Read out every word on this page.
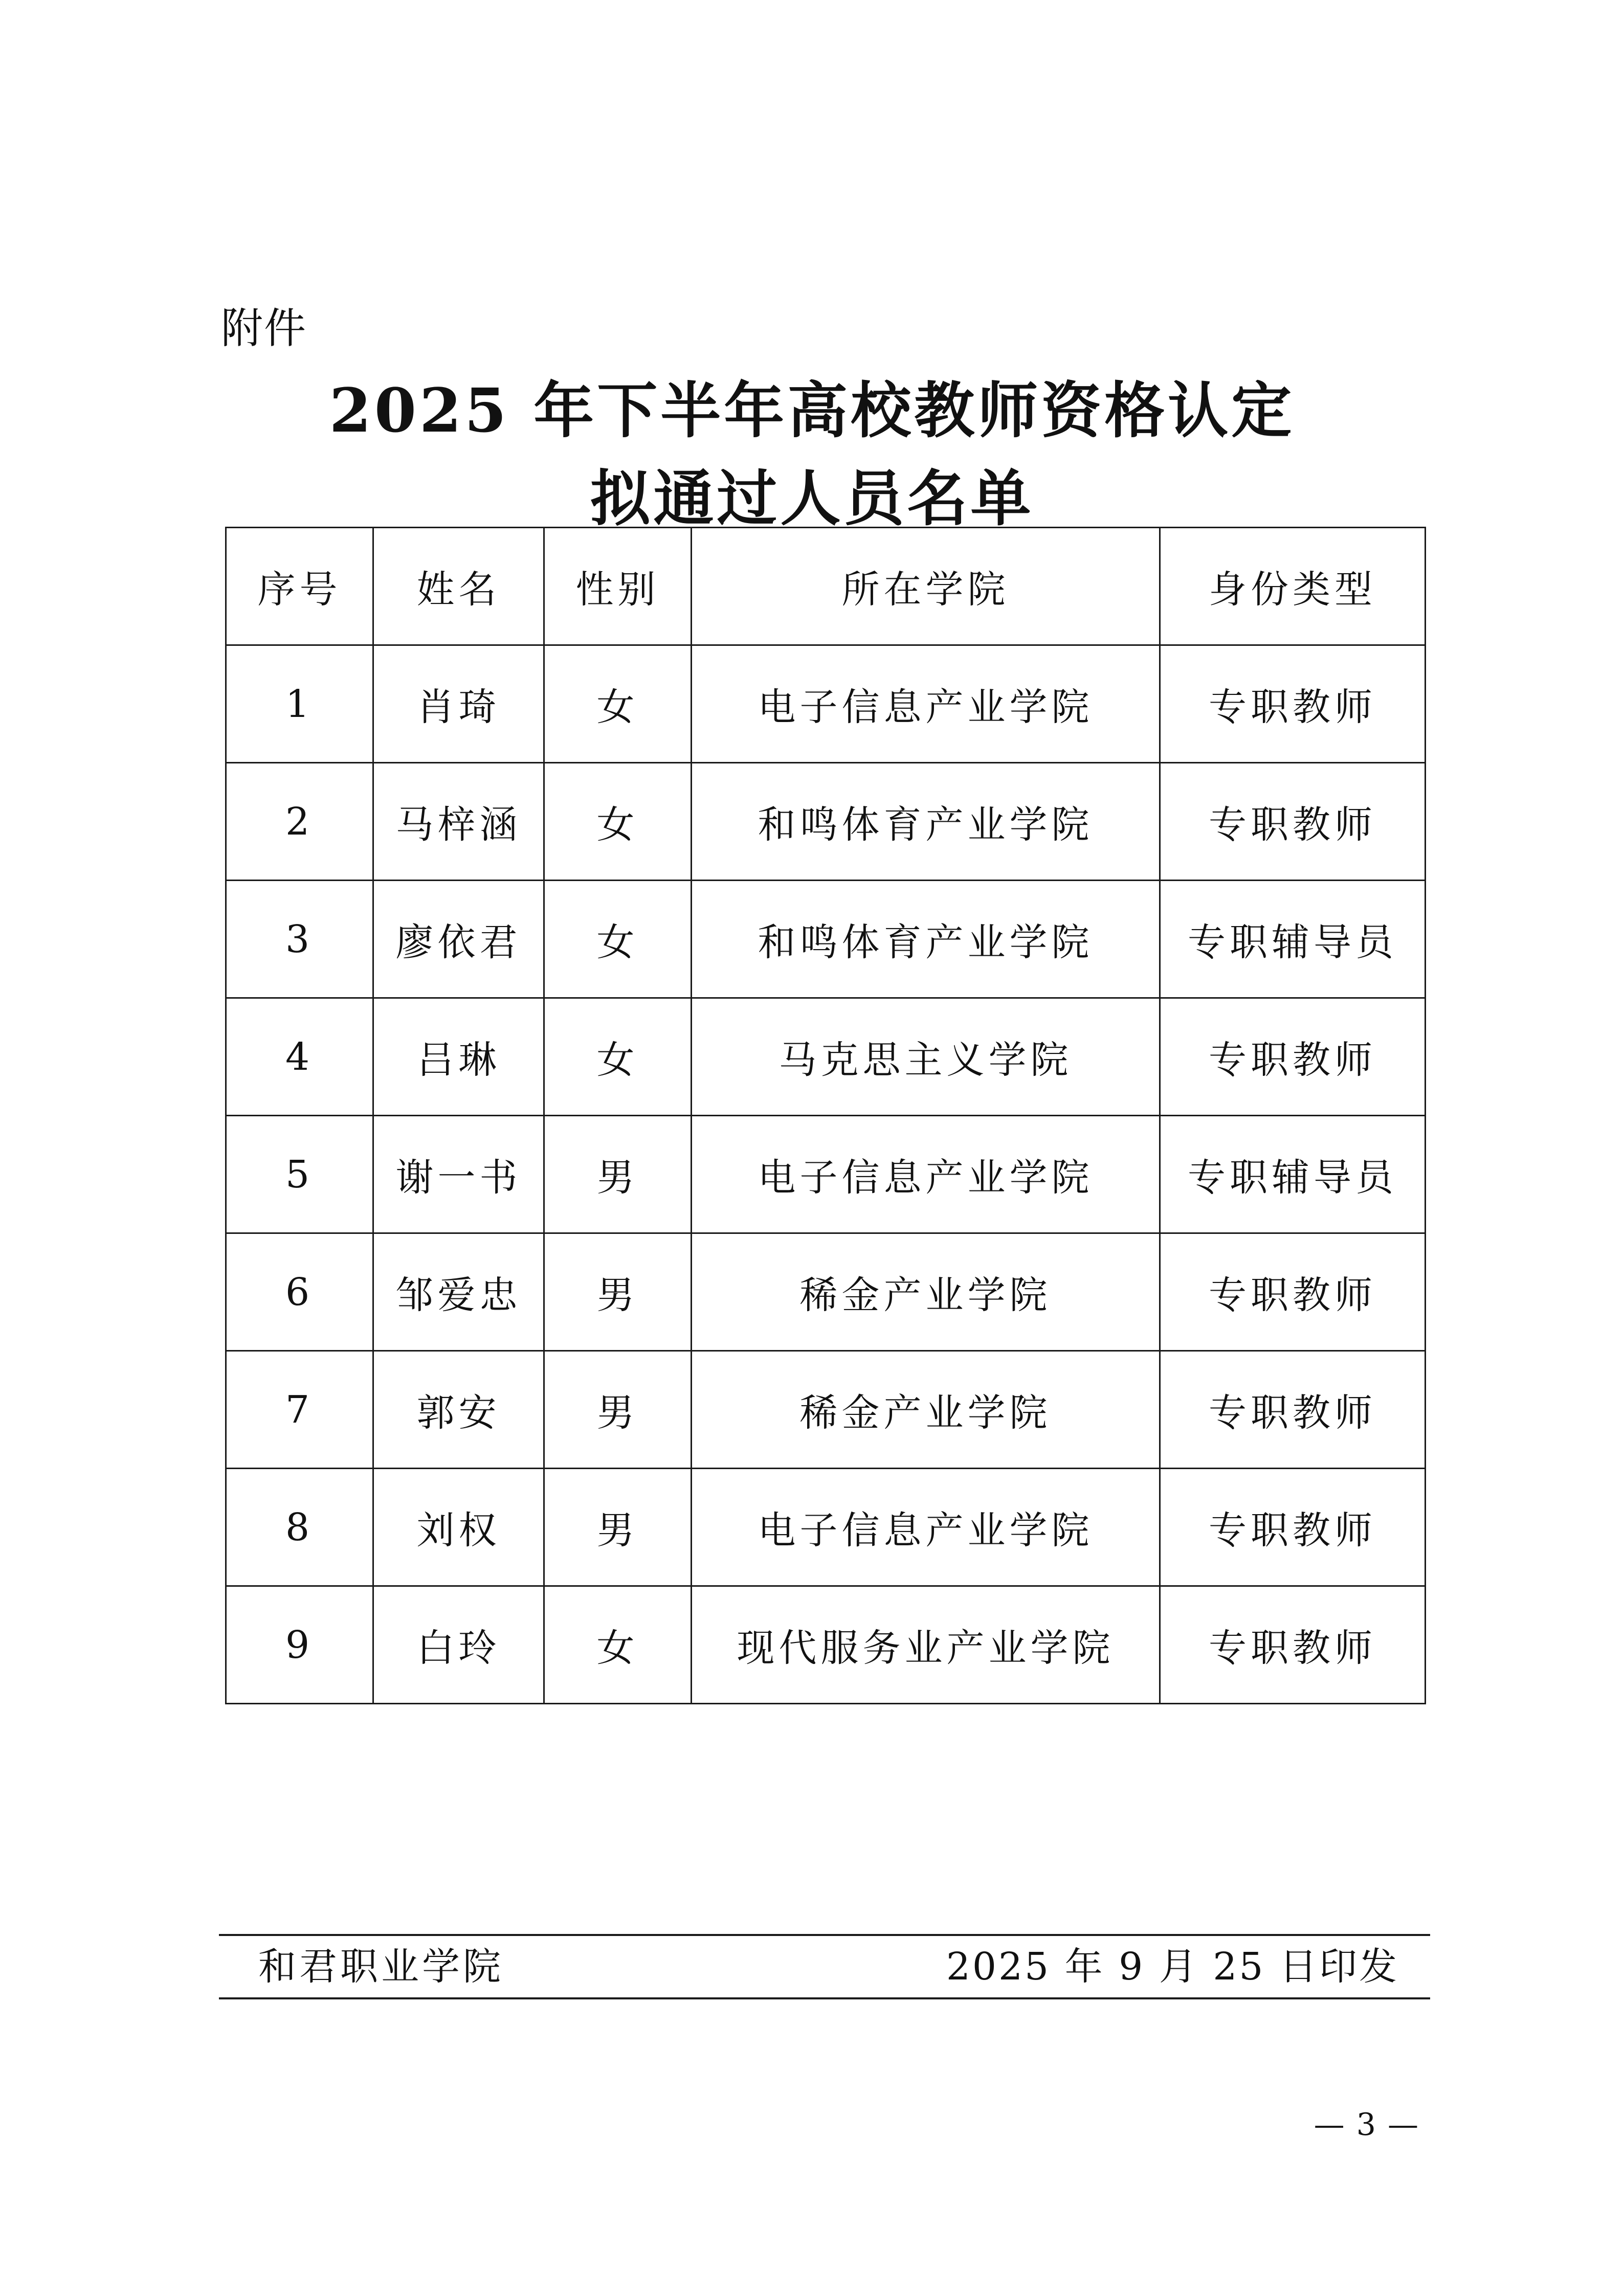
附件
2025 年下半年高校教师资格认定
拟通过人员名单
序号	姓名	性别	所在学院	身份类型
1	肖琦	女	电子信息产业学院	专职教师
2	马梓涵	女	和鸣体育产业学院	专职教师
3	廖依君	女	和鸣体育产业学院	专职辅导员
4	吕琳	女	马克思主义学院	专职教师
5	谢一书	男	电子信息产业学院	专职辅导员
6	邹爱忠	男	稀金产业学院	专职教师
7	郭安	男	稀金产业学院	专职教师
8	刘权	男	电子信息产业学院	专职教师
9	白玲	女	现代服务业产业学院	专职教师
和君职业学院	2025 年 9 月 25 日印发
— 3 —
